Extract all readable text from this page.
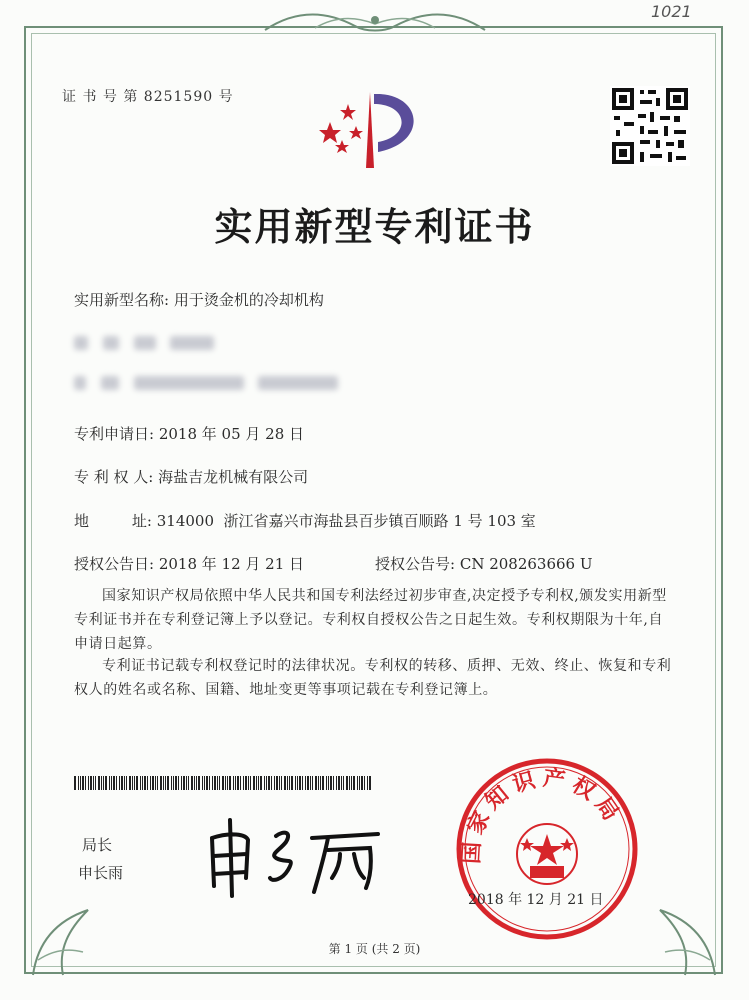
1021
证 书 号 第 8251590 号
实用新型专利证书
实用新型名称: 用于烫金机的冷却机构

专利申请日: 2018 年 05 月 28 日
专 利 权 人: 海盐吉龙机械有限公司
地         址: 314000  浙江省嘉兴市海盐县百步镇百顺路 1 号 103 室
授权公告日: 2018 年 12 月 21 日	授权公告号: CN 208263666 U
国家知识产权局依照中华人民共和国专利法经过初步审查,决定授予专利权,颁发实用新型专利证书并在专利登记簿上予以登记。专利权自授权公告之日起生效。专利权期限为十年,自申请日起算。
专利证书记载专利权登记时的法律状况。专利权的转移、质押、无效、终止、恢复和专利权人的姓名或名称、国籍、地址变更等事项记载在专利登记簿上。
局长
申长雨
国家知识产权局
2018 年 12 月 21 日
第 1 页 (共 2 页)
